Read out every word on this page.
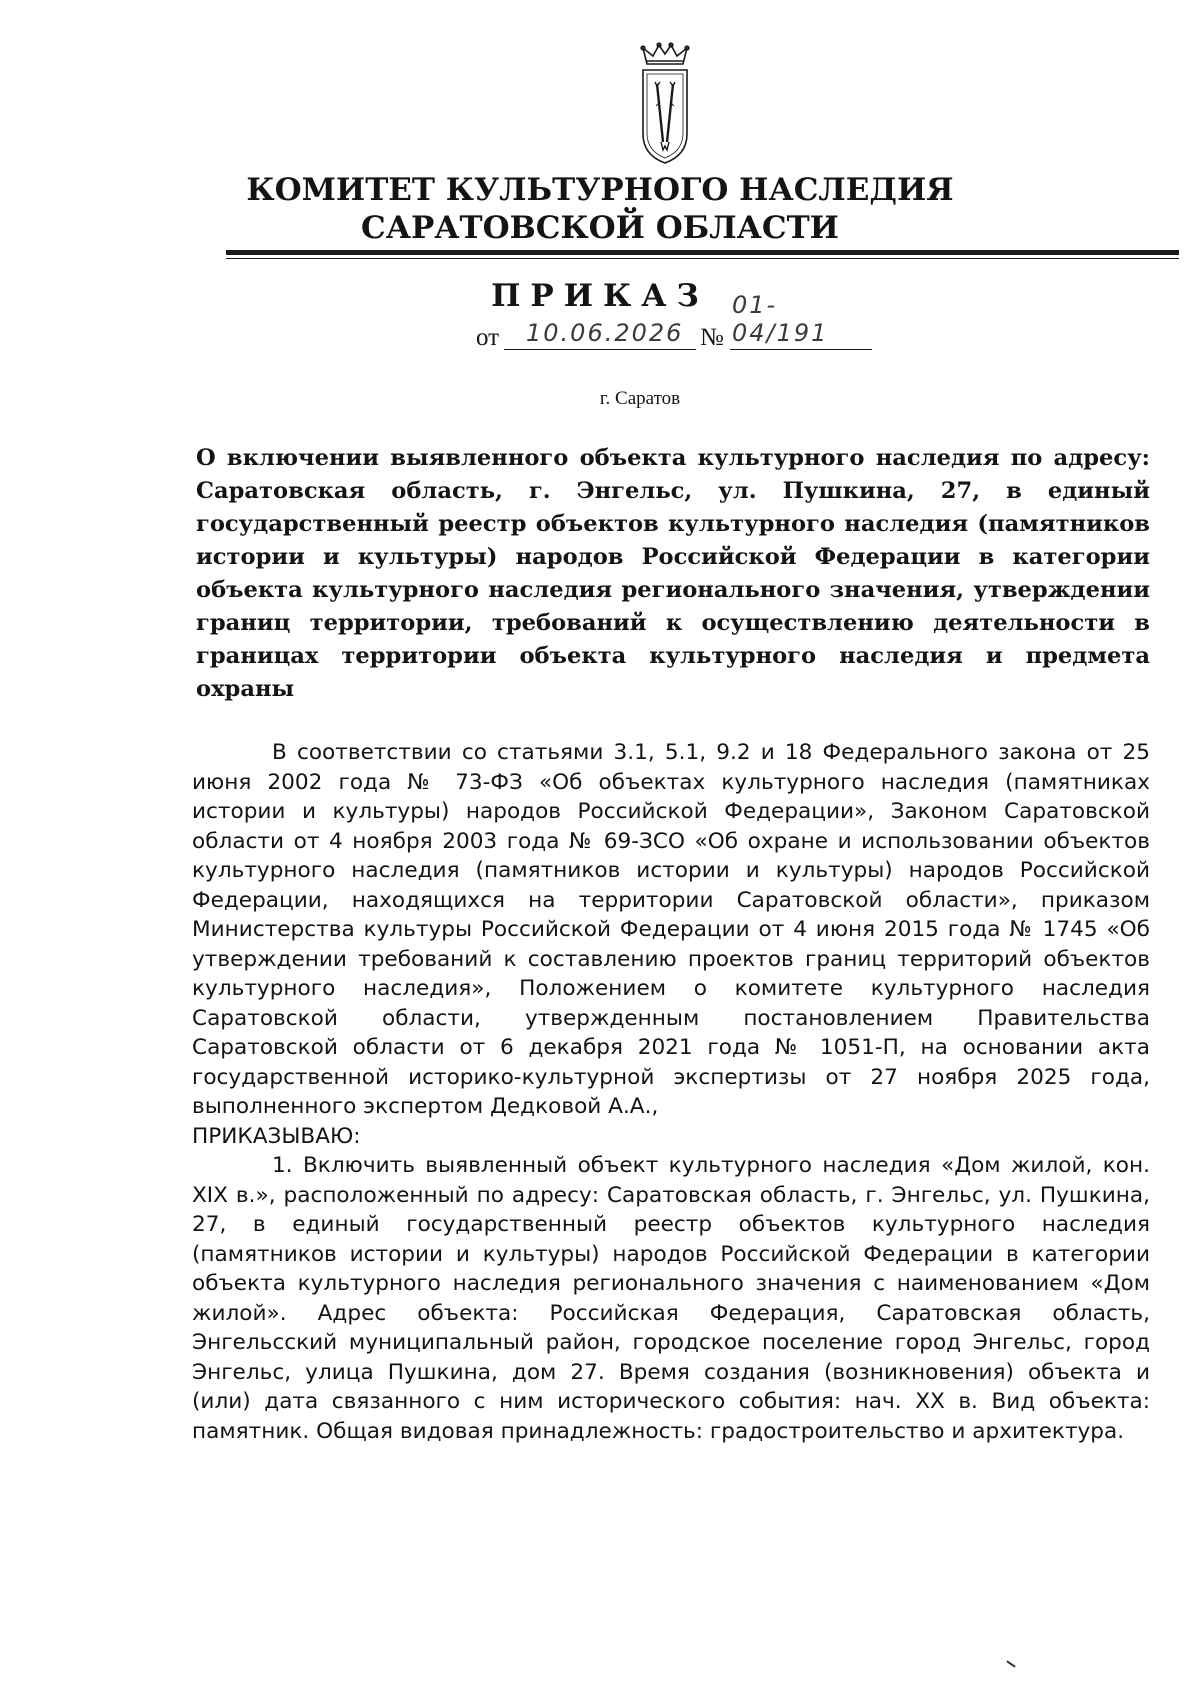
КОМИТЕТ КУЛЬТУРНОГО НАСЛЕДИЯ
САРАТОВСКОЙ ОБЛАСТИ
ПРИКАЗ
от 10.06.2026 №
01-04/191
г. Саратов
О включении выявленного объекта культурного наследия по адресу: Саратовская область, г. Энгельс, ул. Пушкина, 27, в единый государственный реестр объектов культурного наследия (памятников истории и культуры) народов Российской Федерации в категории объекта культурного наследия регионального значения, утверждении границ территории, требований к осуществлению деятельности в границах территории объекта культурного наследия и предмета охраны

В соответствии со статьями 3.1, 5.1, 9.2 и 18 Федерального закона от 25 июня 2002 года № 73-ФЗ «Об объектах культурного наследия (памятниках истории и культуры) народов Российской Федерации», Законом Саратовской области от 4 ноября 2003 года № 69-ЗСО «Об охране и использовании объектов культурного наследия (памятников истории и культуры) народов Российской Федерации, находящихся на территории Саратовской области», приказом Министерства культуры Российской Федерации от 4 июня 2015 года № 1745 «Об утверждении требований к составлению проектов границ территорий объектов культурного наследия», Положением о комитете культурного наследия Саратовской области, утвержденным постановлением Правительства Саратовской области от 6 декабря 2021 года № 1051-П, на основании акта государственной историко-культурной экспертизы от 27 ноября 2025 года, выполненного экспертом Дедковой А.А.,

ПРИКАЗЫВАЮ:

1. Включить выявленный объект культурного наследия «Дом жилой, кон. XIX в.», расположенный по адресу: Саратовская область, г. Энгельс, ул. Пушкина, 27, в единый государственный реестр объектов культурного наследия (памятников истории и культуры) народов Российской Федерации в категории объекта культурного наследия регионального значения с наименованием «Дом жилой». Адрес объекта: Российская Федерация, Саратовская область, Энгельсский муниципальный район, городское поселение город Энгельс, город Энгельс, улица Пушкина, дом 27. Время создания (возникновения) объекта и (или) дата связанного с ним исторического события: нач. XX в. Вид объекта: памятник. Общая видовая принадлежность: градостроительство и архитектура.
